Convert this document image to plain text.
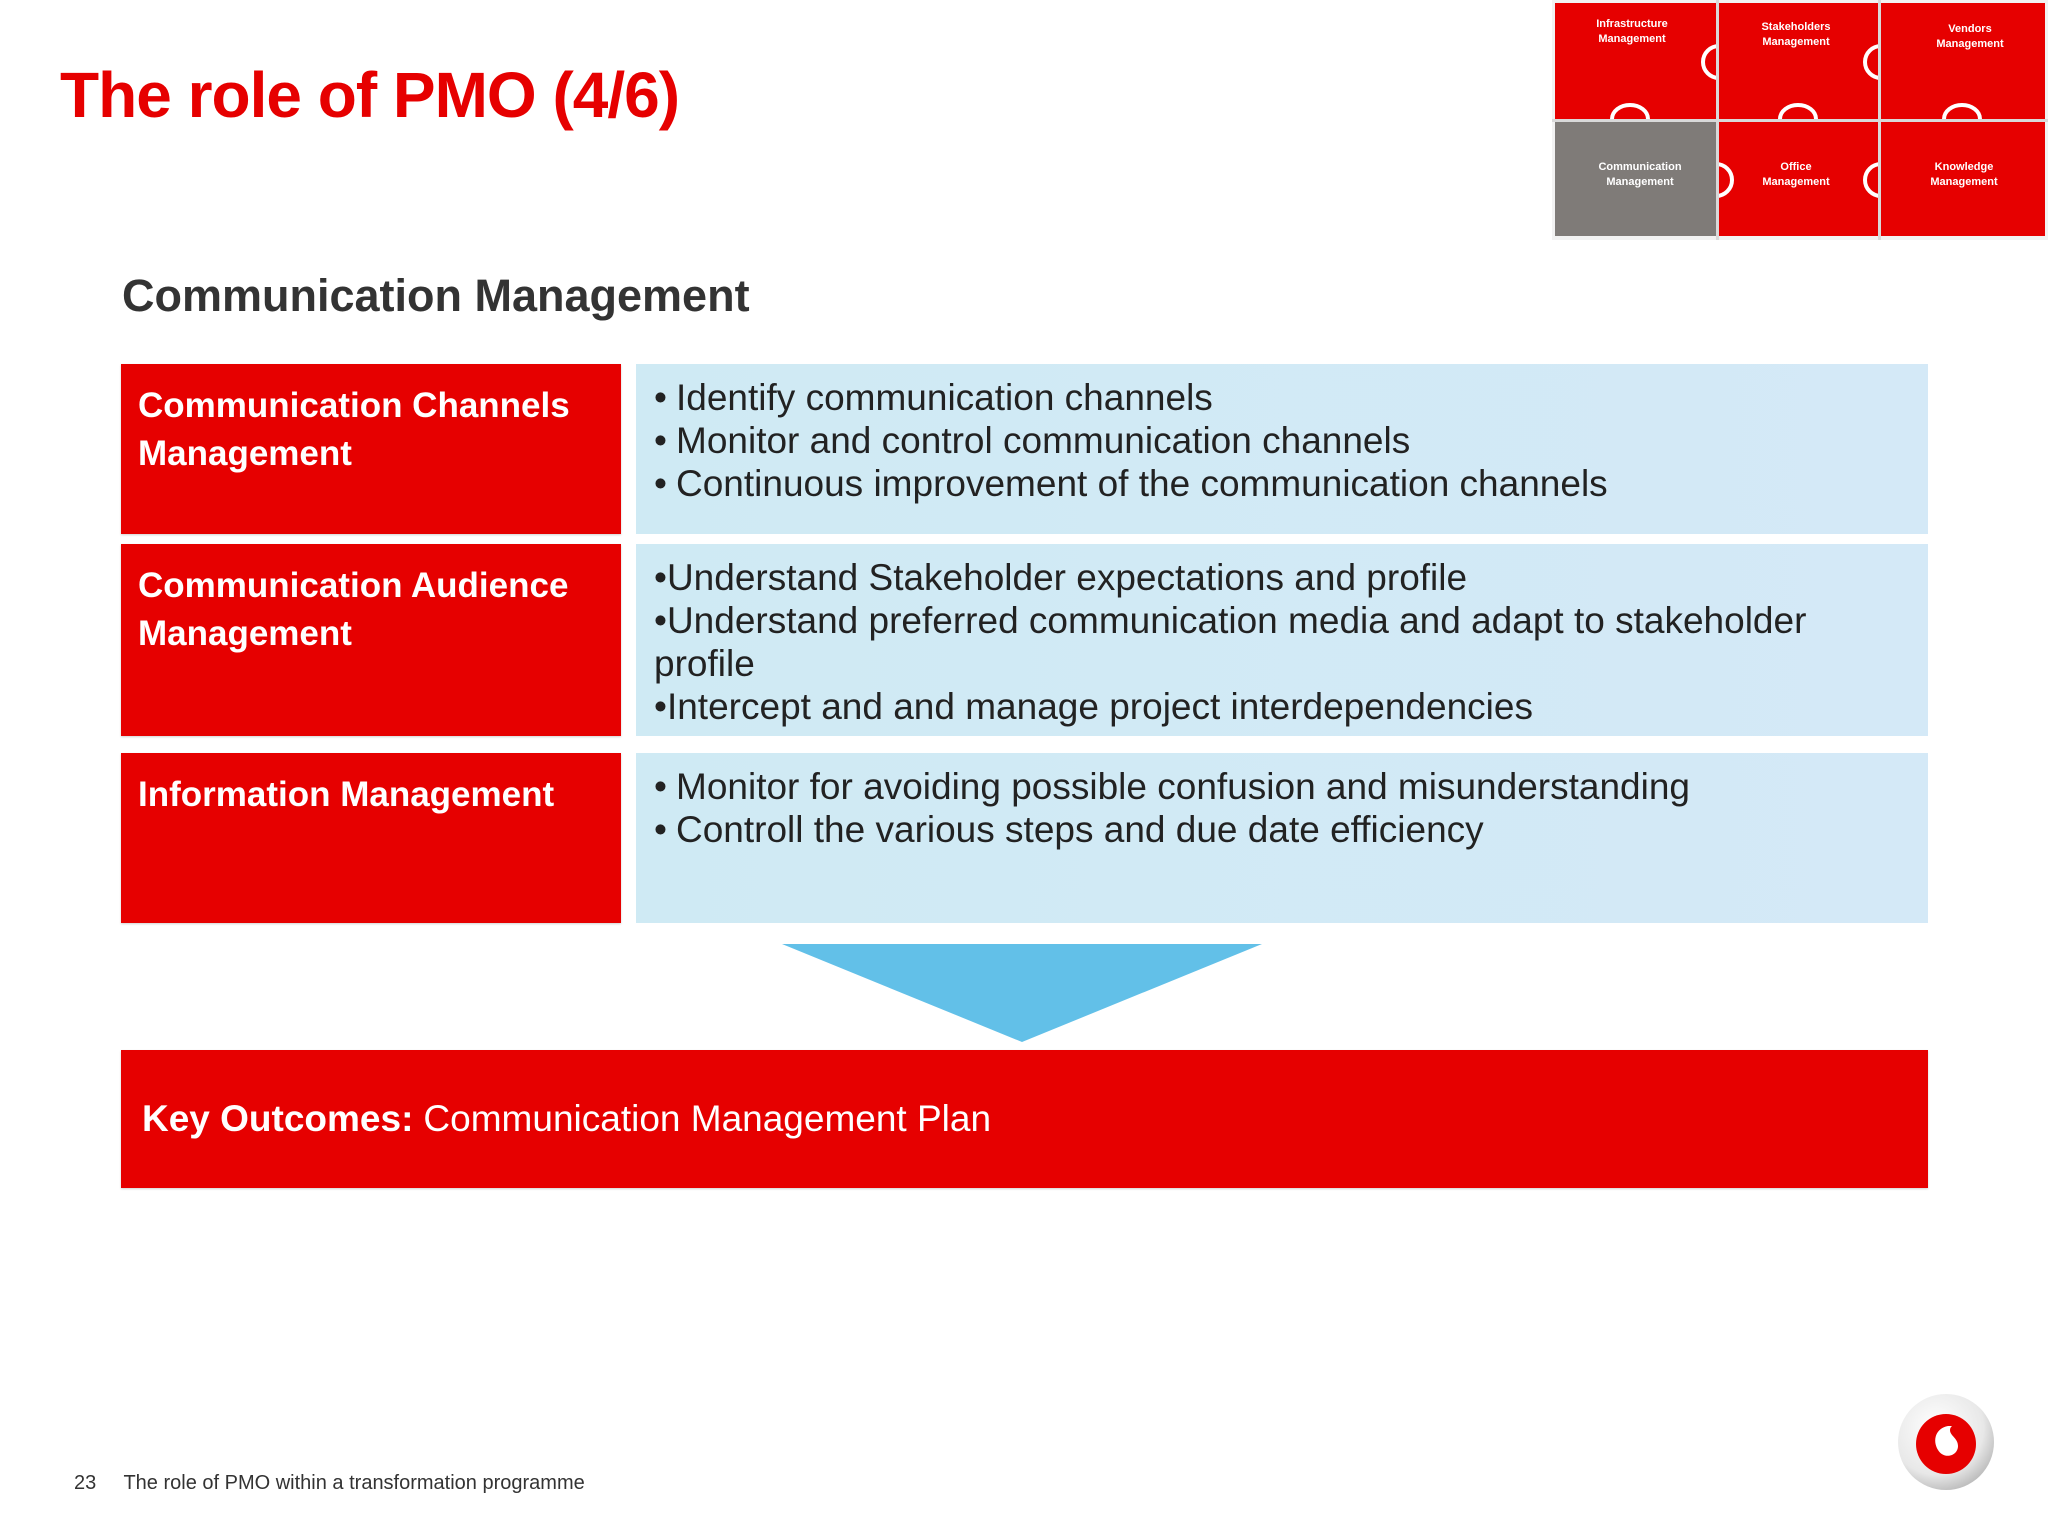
The role of PMO (4/6)
Infrastructure
Management
Stakeholders
Management
Vendors
Management
Communication
Management
Office
Management
Knowledge
Management
Communication Management
Communication Channels
Management
• Identify communication channels
• Monitor and control communication channels
• Continuous improvement of the communication channels
Communication Audience
Management
•Understand Stakeholder expectations and profile
•Understand preferred communication media and adapt to stakeholder profile
•Intercept and and manage project interdependencies
Information Management	• Monitor for avoiding possible confusion and misunderstanding
• Controll the various steps and due date efficiency
Key Outcomes: Communication Management Plan
23 The role of PMO within a transformation programme
